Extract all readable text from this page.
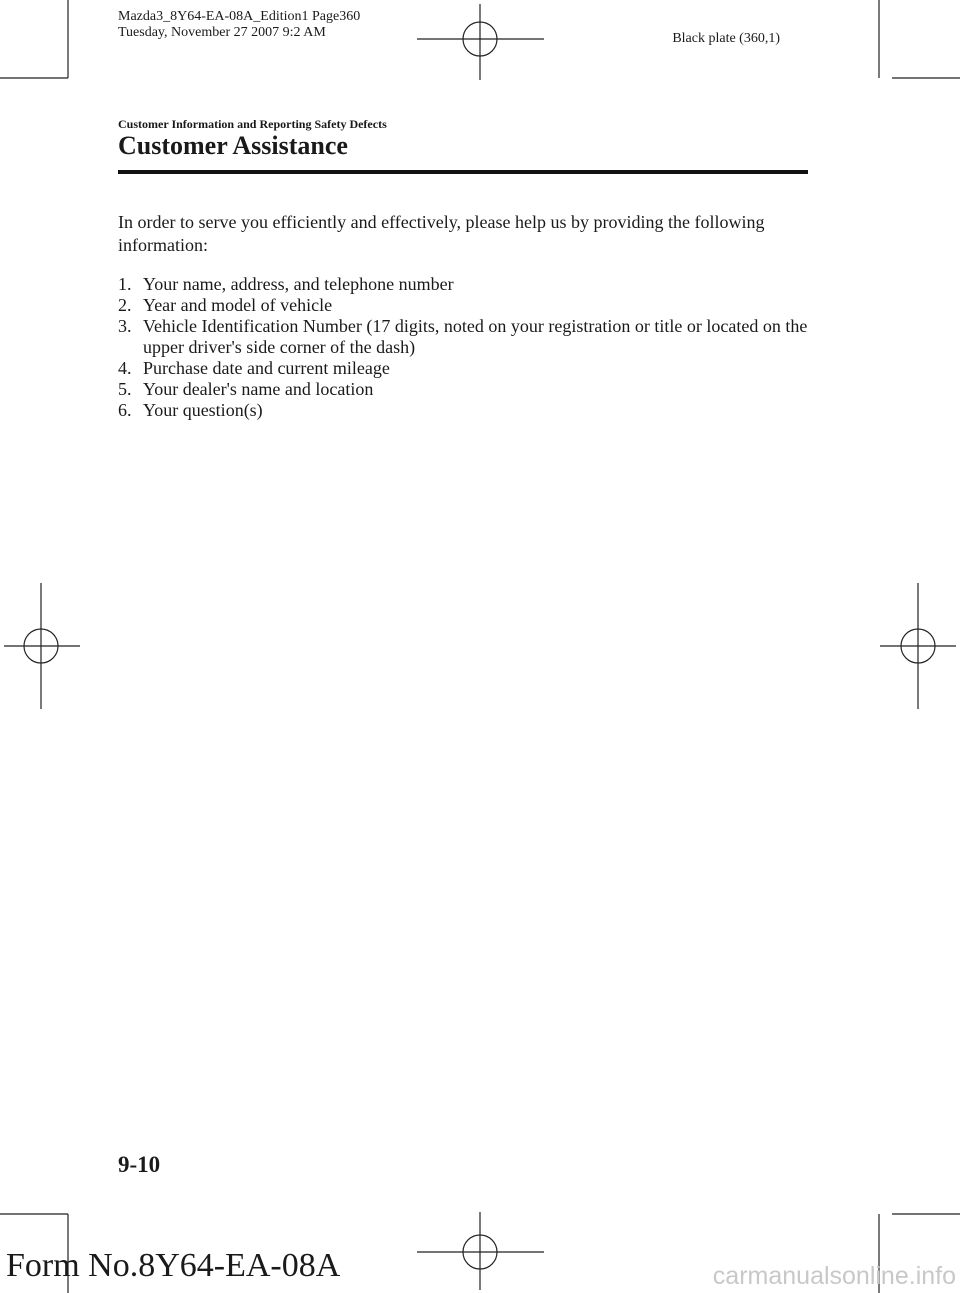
Mazda3_8Y64-EA-08A_Edition1 Page360
Tuesday, November 27 2007 9:2 AM	Black plate (360,1)
Customer Information and Reporting Safety Defects
Customer Assistance

In order to serve you efficiently and effectively, please help us by providing the following information:

1. Your name, address, and telephone number
2. Year and model of vehicle
3. Vehicle Identification Number (17 digits, noted on your registration or title or located on the upper driver's side corner of the dash)
4. Purchase date and current mileage
5. Your dealer's name and location
6. Your question(s)
9-10
Form No.8Y64-EA-08A	carmanualsonline.info
